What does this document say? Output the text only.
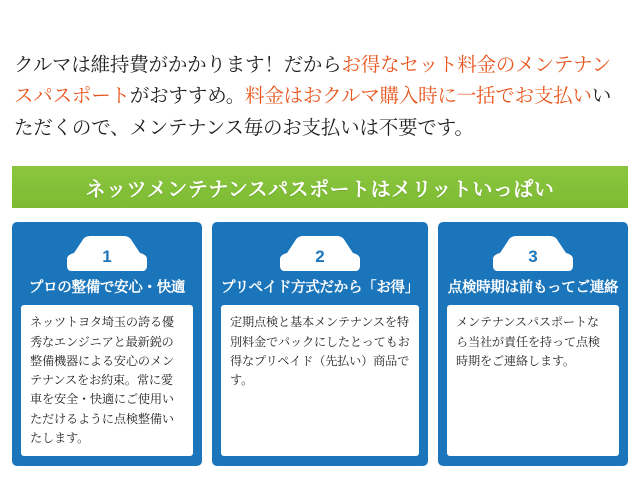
クルマは維持費がかかります！だからお得なセット料金のメンテナンスパスポートがおすすめ。料金はおクルマ購入時に一括でお支払いいただくので、メンテナンス毎のお支払いは不要です。

ネッツメンテナンスパスポートはメリットいっぱい
1
プロの整備で安心・快適
ネッツトヨタ埼玉の誇る優秀なエンジニアと最新鋭の整備機器による安心のメンテナンスをお約束。常に愛車を安全・快適にご使用いただけるように点検整備いたします。
2
プリペイド方式だから「お得」
定期点検と基本メンテナンスを特別料金でパックにしたとってもお得なプリペイド（先払い）商品です。
3
点検時期は前もってご連絡
メンテナンスパスポートなら当社が責任を持って点検時期をご連絡します。
